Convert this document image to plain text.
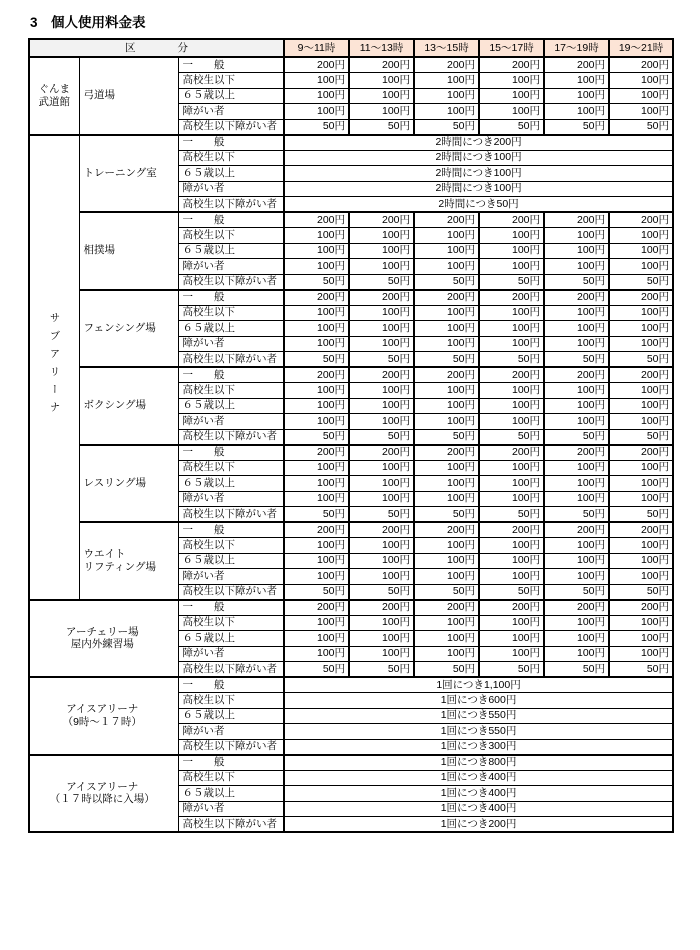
3　個人使用料金表
区　　　　分			9～11時	11～13時	13～15時	15～17時	17～19時	19～21時
ぐんま
武道館	弓道場	一　　般	200円	200円	200円	200円	200円	200円
		高校生以下	100円	100円	100円	100円	100円	100円
		６５歳以上	100円	100円	100円	100円	100円	100円
		障がい者	100円	100円	100円	100円	100円	100円
		高校生以下障がい者	50円	50円	50円	50円	50円	50円
サブアリーナ	トレーニング室	一　　般	2時間につき200円					
		高校生以下	2時間につき100円					
		６５歳以上	2時間につき100円					
		障がい者	2時間につき100円					
		高校生以下障がい者	2時間につき50円					
	相撲場	一　　般	200円	200円	200円	200円	200円	200円
		高校生以下	100円	100円	100円	100円	100円	100円
		６５歳以上	100円	100円	100円	100円	100円	100円
		障がい者	100円	100円	100円	100円	100円	100円
		高校生以下障がい者	50円	50円	50円	50円	50円	50円
	フェンシング場	一　　般	200円	200円	200円	200円	200円	200円
		高校生以下	100円	100円	100円	100円	100円	100円
		６５歳以上	100円	100円	100円	100円	100円	100円
		障がい者	100円	100円	100円	100円	100円	100円
		高校生以下障がい者	50円	50円	50円	50円	50円	50円
	ボクシング場	一　　般	200円	200円	200円	200円	200円	200円
		高校生以下	100円	100円	100円	100円	100円	100円
		６５歳以上	100円	100円	100円	100円	100円	100円
		障がい者	100円	100円	100円	100円	100円	100円
		高校生以下障がい者	50円	50円	50円	50円	50円	50円
	レスリング場	一　　般	200円	200円	200円	200円	200円	200円
		高校生以下	100円	100円	100円	100円	100円	100円
		６５歳以上	100円	100円	100円	100円	100円	100円
		障がい者	100円	100円	100円	100円	100円	100円
		高校生以下障がい者	50円	50円	50円	50円	50円	50円
	ウエイト
リフティング場	一　　般	200円	200円	200円	200円	200円	200円
		高校生以下	100円	100円	100円	100円	100円	100円
		６５歳以上	100円	100円	100円	100円	100円	100円
		障がい者	100円	100円	100円	100円	100円	100円
		高校生以下障がい者	50円	50円	50円	50円	50円	50円
アーチェリー場
屋内外練習場		一　　般	200円	200円	200円	200円	200円	200円
		高校生以下	100円	100円	100円	100円	100円	100円
		６５歳以上	100円	100円	100円	100円	100円	100円
		障がい者	100円	100円	100円	100円	100円	100円
		高校生以下障がい者	50円	50円	50円	50円	50円	50円
アイスアリーナ
（9時～１７時）		一　　般	1回につき1,100円					
		高校生以下	1回につき600円					
		６５歳以上	1回につき550円					
		障がい者	1回につき550円					
		高校生以下障がい者	1回につき300円					
アイスアリーナ
（１７時以降に入場）		一　　般	1回につき800円					
		高校生以下	1回につき400円					
		６５歳以上	1回につき400円					
		障がい者	1回につき400円					
		高校生以下障がい者	1回につき200円					
